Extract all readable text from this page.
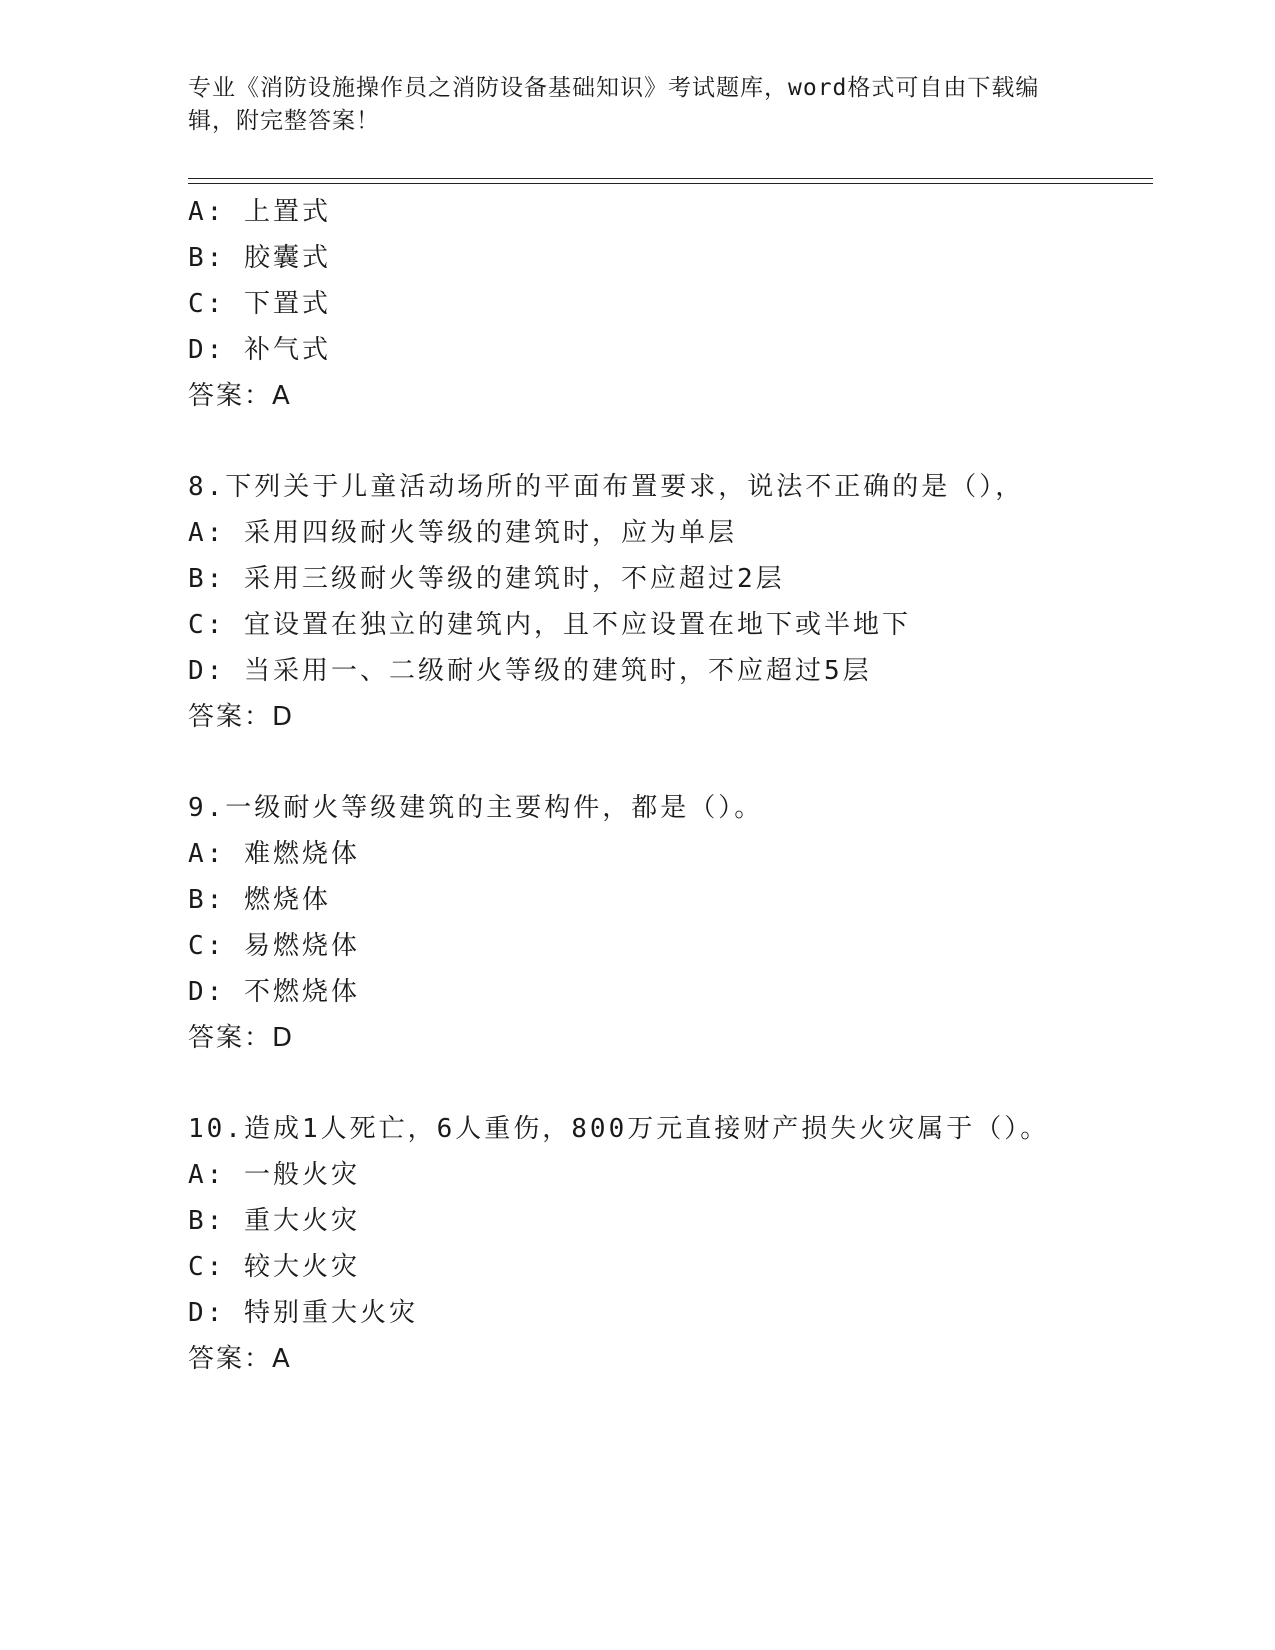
专业《消防设施操作员之消防设备基础知识》考试题库，word格式可自由下载编
辑，附完整答案！
A: 上置式
B: 胶囊式
C: 下置式
D: 补气式
答案：A
8.下列关于儿童活动场所的平面布置要求，说法不正确的是（），
A: 采用四级耐火等级的建筑时，应为单层
B: 采用三级耐火等级的建筑时，不应超过2层
C: 宜设置在独立的建筑内，且不应设置在地下或半地下
D: 当采用一、二级耐火等级的建筑时，不应超过5层
答案：D
9.一级耐火等级建筑的主要构件，都是（）。
A: 难燃烧体
B: 燃烧体
C: 易燃烧体
D: 不燃烧体
答案：D
10.造成1人死亡，6人重伤，800万元直接财产损失火灾属于（）。
A: 一般火灾
B: 重大火灾
C: 较大火灾
D: 特别重大火灾
答案：A
